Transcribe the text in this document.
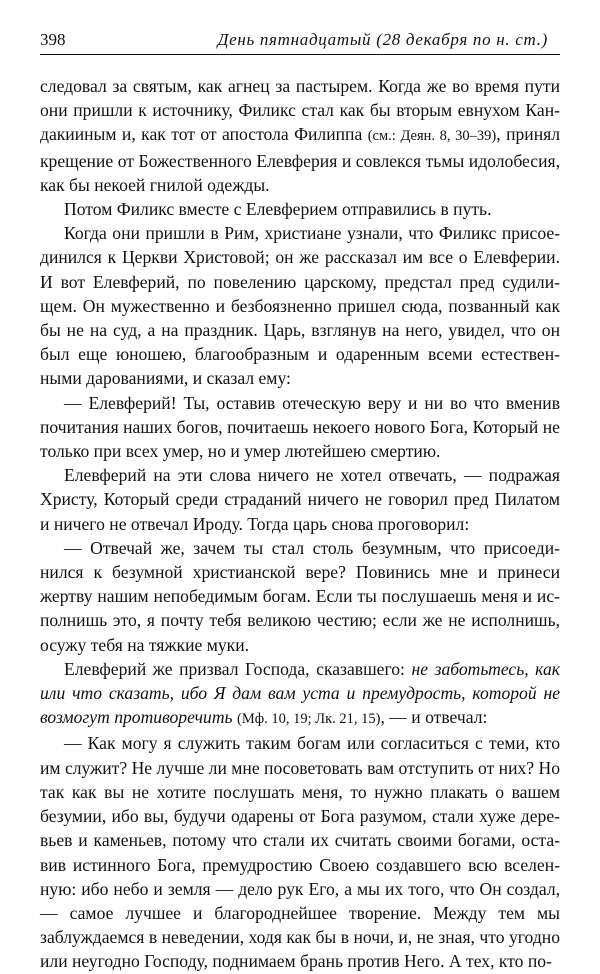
398	День пятнадцатый (28 декабря по н. ст.)

следовал за святым, как агнец за пастырем. Когда же во время пути они пришли к источнику, Филикс стал как бы вторым евнухом Кандакииным и, как тот от апостола Филиппа (см.: Деян. 8, 30–39), принял крещение от Божественного Елевферия и совлекся тьмы идолобесия, как бы некоей гнилой одежды.

Потом Филикс вместе с Елевферием отправились в путь.

Когда они пришли в Рим, христиане узнали, что Филикс присоединился к Церкви Христовой; он же рассказал им все о Елевферии. И вот Елевферий, по повелению царскому, предстал пред судилищем. Он мужественно и безбоязненно пришел сюда, позванный как бы не на суд, а на праздник. Царь, взглянув на него, увидел, что он был еще юношею, благообразным и одаренным всеми естественными дарованиями, и сказал ему:

— Елевферий! Ты, оставив отеческую веру и ни во что вменив почитания наших богов, почитаешь некоего нового Бога, Который не только при всех умер, но и умер лютейшею смертию.

Елевферий на эти слова ничего не хотел отвечать, — подражая Христу, Который среди страданий ничего не говорил пред Пилатом и ничего не отвечал Ироду. Тогда царь снова проговорил:

— Отвечай же, зачем ты стал столь безумным, что присоединился к безумной христианской вере? Повинись мне и принеси жертву нашим непобедимым богам. Если ты послушаешь меня и исполнишь это, я почту тебя великою честию; если же не исполнишь, осужу тебя на тяжкие муки.

Елевферий же призвал Господа, сказавшего: не заботьтесь, как или что сказать, ибо Я дам вам уста и премудрость, которой не возмогут противоречить (Мф. 10, 19; Лк. 21, 15), — и отвечал:

— Как могу я служить таким богам или согласиться с теми, кто им служит? Не лучше ли мне посоветовать вам отступить от них? Но так как вы не хотите послушать меня, то нужно плакать о вашем безумии, ибо вы, будучи одарены от Бога разумом, стали хуже деревьев и каменьев, потому что стали их считать своими богами, оставив истинного Бога, премудростию Своею создавшего всю вселенную: ибо небо и земля — дело рук Его, а мы их того, что Он создал, — самое лучшее и благороднейшее творение. Между тем мы заблуждаемся в неведении, ходя как бы в ночи, и, не зная, что угодно или неугодно Господу, поднимаем брань против Него. А тех, кто по-
